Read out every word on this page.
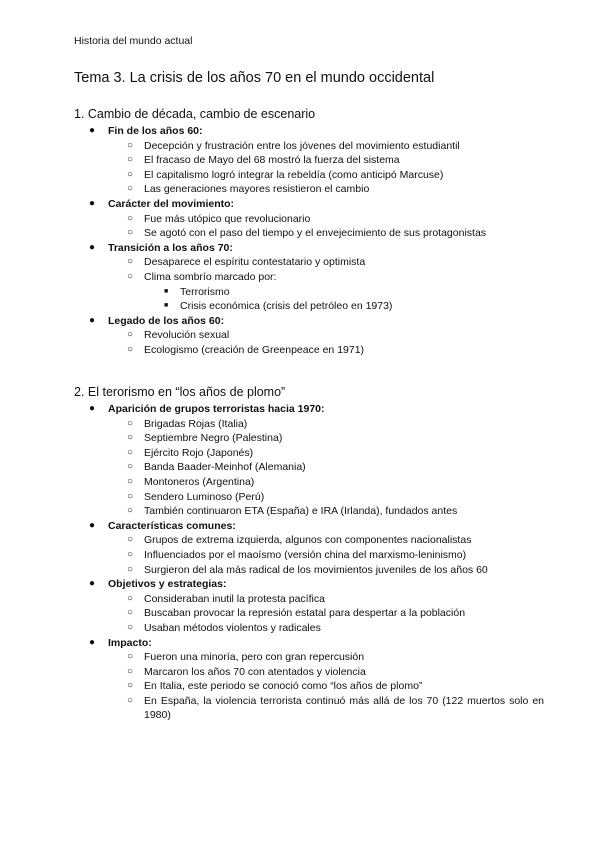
Historia del mundo actual
Tema 3. La crisis de los años 70 en el mundo occidental
1. Cambio de década, cambio de escenario
● Fin de los años 60:
○ Decepción y frustración entre los jóvenes del movimiento estudiantil
○ El fracaso de Mayo del 68 mostró la fuerza del sistema
○ El capitalismo logró integrar la rebeldía (como anticipó Marcuse)
○ Las generaciones mayores resistieron el cambio
● Carácter del movimiento:
○ Fue más utópico que revolucionario
○ Se agotó con el paso del tiempo y el envejecimiento de sus protagonistas
● Transición a los años 70:
○ Desaparece el espíritu contestatario y optimista
○ Clima sombrío marcado por:
■ Terrorismo
■ Crisis económica (crisis del petróleo en 1973)
● Legado de los años 60:
○ Revolución sexual
○ Ecologismo (creación de Greenpeace en 1971)
2. El terorismo en “los años de plomo”
● Aparición de grupos terroristas hacia 1970:
○ Brigadas Rojas (Italia)
○ Septiembre Negro (Palestina)
○ Ejército Rojo (Japonés)
○ Banda Baader-Meinhof (Alemania)
○ Montoneros (Argentina)
○ Sendero Luminoso (Perú)
○ También continuaron ETA (España) e IRA (Irlanda), fundados antes
● Características comunes:
○ Grupos de extrema izquierda, algunos con componentes nacionalistas
○ Influenciados por el maoísmo (versión china del marxismo-leninismo)
○ Surgieron del ala más radical de los movimientos juveniles de los años 60
● Objetivos y estrategias:
○ Consideraban inutil la protesta pacífica
○ Buscaban provocar la represión estatal para despertar a la población
○ Usaban métodos violentos y radicales
● Impacto:
○ Fueron una minoría, pero con gran repercusión
○ Marcaron los años 70 con atentados y violencia
○ En Italia, este periodo se conoció como “los años de plomo”
○ En España, la violencia terrorista continuó más allá de los 70 (122 muertos solo en 1980)
